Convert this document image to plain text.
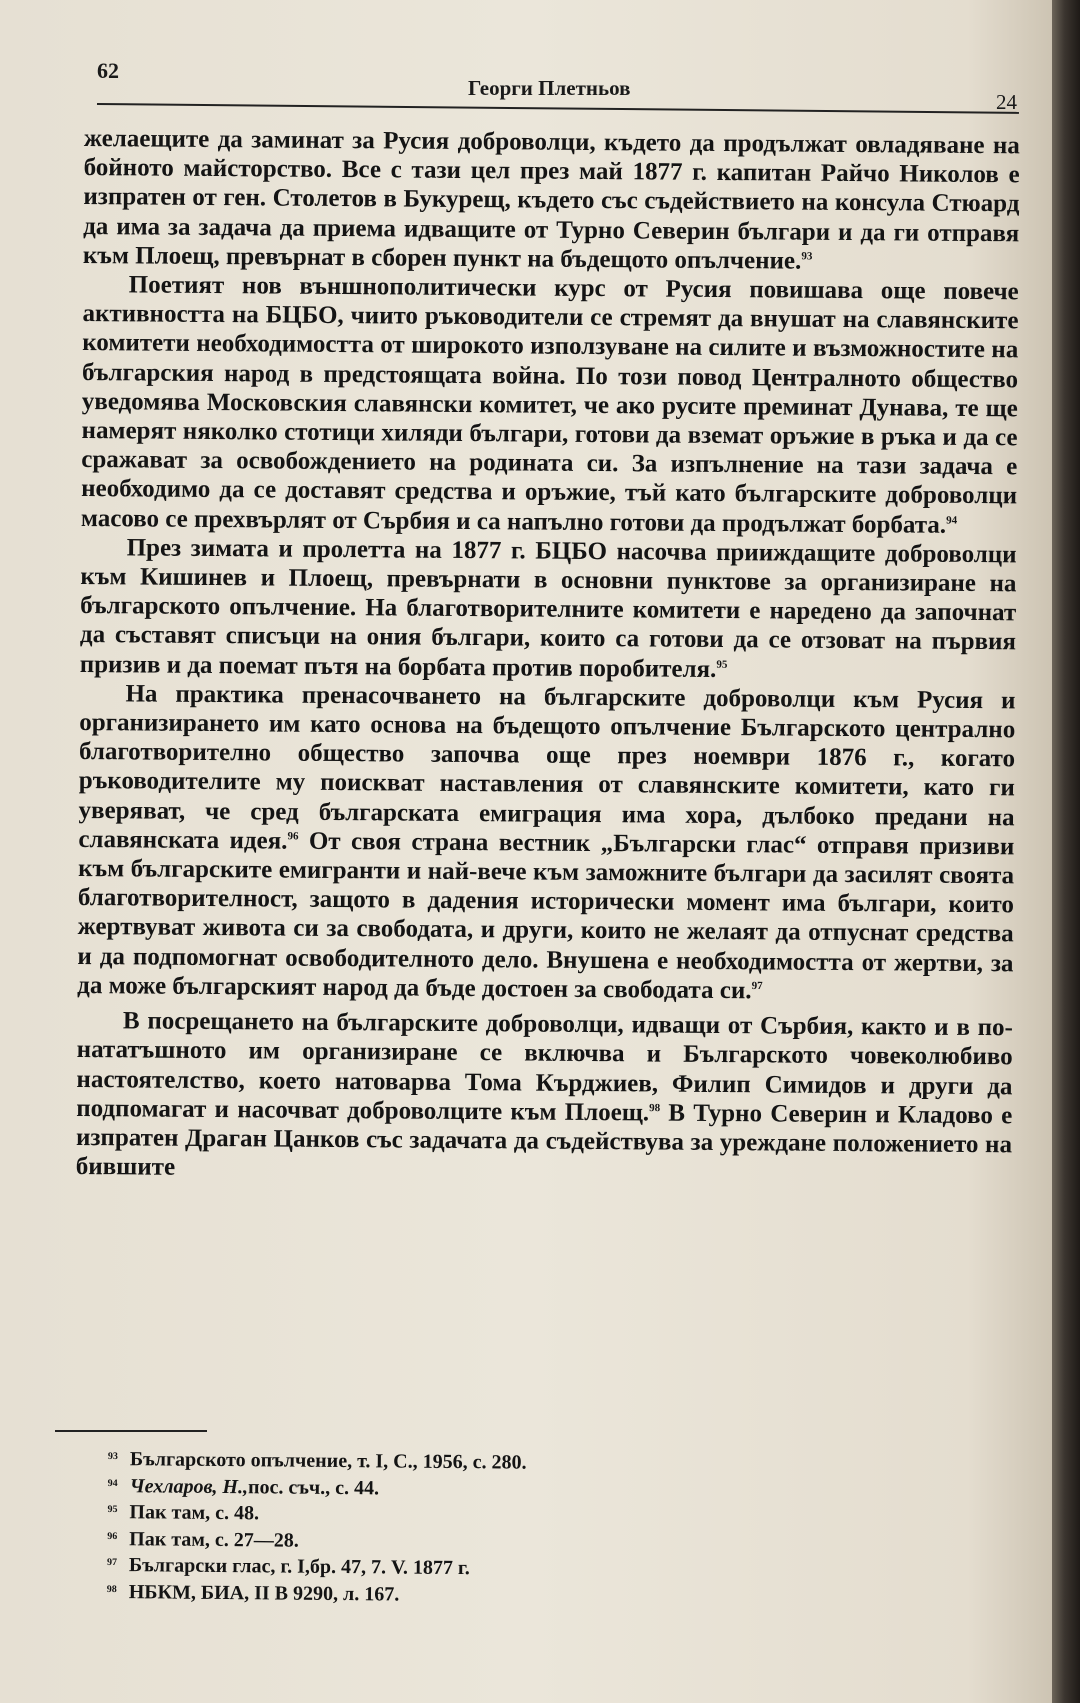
62
Георги Плетньов
24

желаещите да заминат за Русия доброволци, където да продължат овладяване на бойното майсторство. Все с тази цел през май 1877 г. капитан Райчо Николов е изпратен от ген. Столетов в Букурещ, където със съдействието на консула Стюард да има за задача да приема идващите от Турно Северин българи и да ги отправя към Плоещ, превърнат в сборен пункт на бъдещото опълчение.$^{93}$

Поетият нов външнополитически курс от Русия повишава още повече активността на БЦБО, чиито ръководители се стремят да внушат на славянските комитети необходимостта от широкото използуване на силите и възможностите на българския народ в предстоящата война. По този повод Централното общество уведомява Московския славянски комитет, че ако русите преминат Дунава, те ще намерят няколко стотици хиляди българи, готови да вземат оръжие в ръка и да се сражават за освобождението на родината си. За изпълнение на тази задача е необходимо да се доставят средства и оръжие, тъй като българските доброволци масово се прехвърлят от Сърбия и са напълно готови да продължат борбата.$^{94}$

През зимата и пролетта на 1877 г. БЦБО насочва прииждащите доброволци към Кишинев и Плоещ, превърнати в основни пунктове за организиране на българското опълчение. На благотворителните комитети е наредено да започнат да съставят списъци на ония българи, които са готови да се отзоват на първия призив и да поемат пътя на борбата против поробителя.$^{95}$

На практика пренасочването на българските доброволци към Русия и организирането им като основа на бъдещото опълчение Българското централно благотворително общество започва още през ноември 1876 г., когато ръководителите му поискват наставления от славянските комитети, като ги уверяват, че сред българската емиграция има хора, дълбоко предани на славянската идея.$^{96}$ От своя страна вестник „Български глас“ отправя призиви към българските емигранти и най-вече към заможните българи да засилят своята благотворителност, защото в дадения исторически момент има българи, които жертвуват живота си за свободата, и други, които не желаят да отпуснат средства и да подпомогнат освободителното дело. Внушена е необходимостта от жертви, за да може българският народ да бъде достоен за свободата си.$^{97}$

В посрещането на българските доброволци, идващи от Сърбия, както и в по-нататъшното им организиране се включва и Българското човеколюбиво настоятелство, което натоварва Тома Кърджиев, Филип Симидов и други да подпомагат и насочват доброволците към Плоещ.$^{98}$ В Турно Северин и Кладово е изпратен Драган Цанков със задачата да съдействува за уреждане положението на бившите

93 Българското опълчение, т. I, С., 1956, с. 280.
94 Чехларов, Н., пос. съч., с. 44.
95 Пак там, с. 48.
96 Пак там, с. 27—28.
97 Български глас, г. I,бр. 47, 7. V. 1877 г.
98 НБКМ, БИА, II В 9290, л. 167.
